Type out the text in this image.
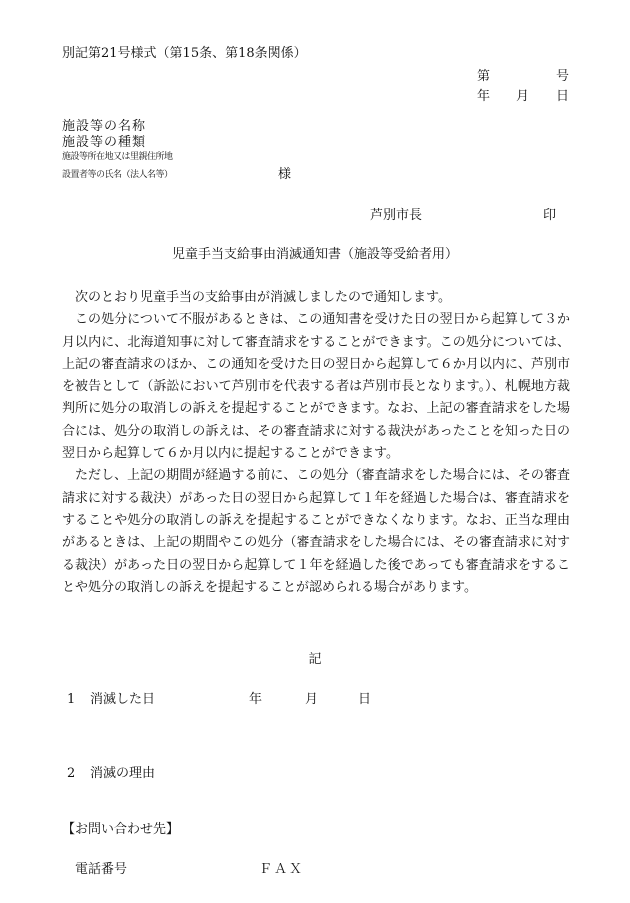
別記第21号様式（第15条、第18条関係）
第	号
年 月 日
施設等の名称
施設等の種類
施設等所在地又は里親住所地
設置者等の氏名（法人名等）	様
芦別市長	印
児童手当支給事由消滅通知書（施設等受給者用）

次のとおり児童手当の支給事由が消滅しましたので通知します。

この処分について不服があるときは、この通知書を受けた日の翌日から起算して３か月以内に、北海道知事に対して審査請求をすることができます。この処分については、上記の審査請求のほか、この通知を受けた日の翌日から起算して６か月以内に、芦別市を被告として（訴訟において芦別市を代表する者は芦別市長となります。）、札幌地方裁判所に処分の取消しの訴えを提起することができます。なお、上記の審査請求をした場合には、処分の取消しの訴えは、その審査請求に対する裁決があったことを知った日の翌日から起算して６か月以内に提起することができます。

ただし、上記の期間が経過する前に、この処分（審査請求をした場合には、その審査請求に対する裁決）があった日の翌日から起算して１年を経過した場合は、審査請求をすることや処分の取消しの訴えを提起することができなくなります。なお、正当な理由があるときは、上記の期間やこの処分（審査請求をした場合には、その審査請求に対する裁決）があった日の翌日から起算して１年を経過した後であっても審査請求をすることや処分の取消しの訴えを提起することが認められる場合があります。

記
1 消滅した日	年	月	日
2 消滅の理由
【お問い合わせ先】
電話番号	ＦＡＸ
